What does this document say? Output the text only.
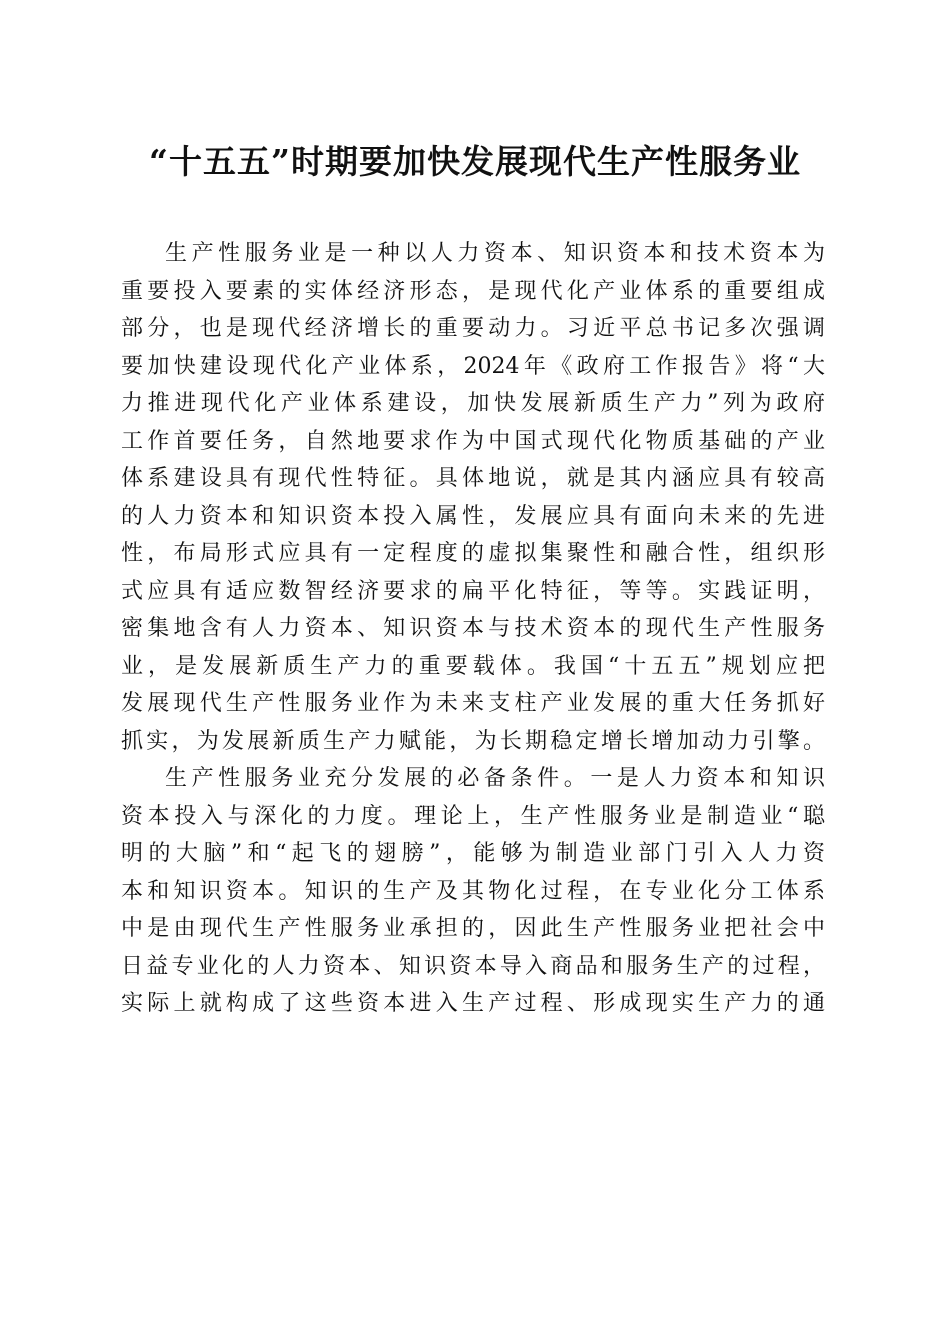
“十五五”时期要加快发展现代生产性服务业
生产性服务业是一种以人力资本、知识资本和技术资本为
重要投入要素的实体经济形态，是现代化产业体系的重要组成
部分，也是现代经济增长的重要动力。习近平总书记多次强调
要加快建设现代化产业体系，2024年《政府工作报告》将“大
力推进现代化产业体系建设，加快发展新质生产力”列为政府
工作首要任务，自然地要求作为中国式现代化物质基础的产业
体系建设具有现代性特征。具体地说，就是其内涵应具有较高
的人力资本和知识资本投入属性，发展应具有面向未来的先进
性，布局形式应具有一定程度的虚拟集聚性和融合性，组织形
式应具有适应数智经济要求的扁平化特征，等等。实践证明，
密集地含有人力资本、知识资本与技术资本的现代生产性服务
业，是发展新质生产力的重要载体。我国“十五五”规划应把
发展现代生产性服务业作为未来支柱产业发展的重大任务抓好
抓实，为发展新质生产力赋能，为长期稳定增长增加动力引擎。
生产性服务业充分发展的必备条件。一是人力资本和知识
资本投入与深化的力度。理论上，生产性服务业是制造业“聪
明的大脑”和“起飞的翅膀”，能够为制造业部门引入人力资
本和知识资本。知识的生产及其物化过程，在专业化分工体系
中是由现代生产性服务业承担的，因此生产性服务业把社会中
日益专业化的人力资本、知识资本导入商品和服务生产的过程，
实际上就构成了这些资本进入生产过程、形成现实生产力的通
